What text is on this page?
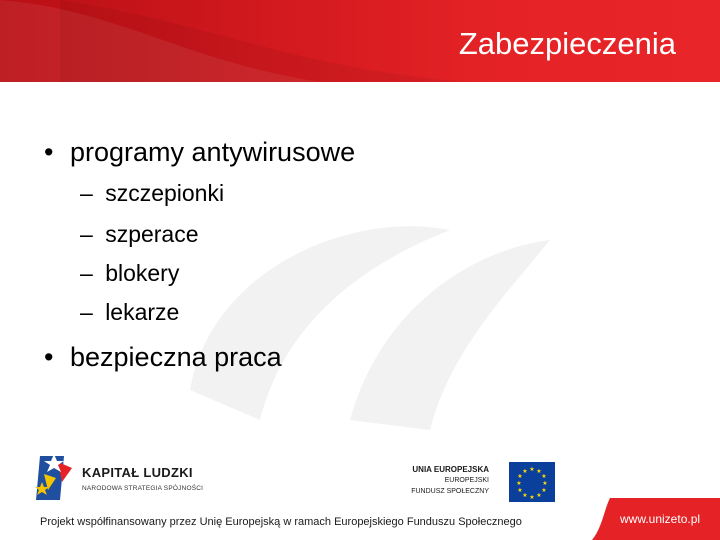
Zabezpieczenia
• programy antywirusowe
– szczepionki
– szperace
– blokery
– lekarze
• bezpieczna praca
KAPITAŁ LUDZKI
NARODOWA STRATEGIA SPÓJNOŚCI
UNIA EUROPEJSKA
EUROPEJSKI
FUNDUSZ SPOŁECZNY
★ ★
★
★
★
★
★
★
★
★
★
★
Projekt współfinansowany przez Unię Europejską w ramach Europejskiego Funduszu Społecznego	www.unizeto.pl
